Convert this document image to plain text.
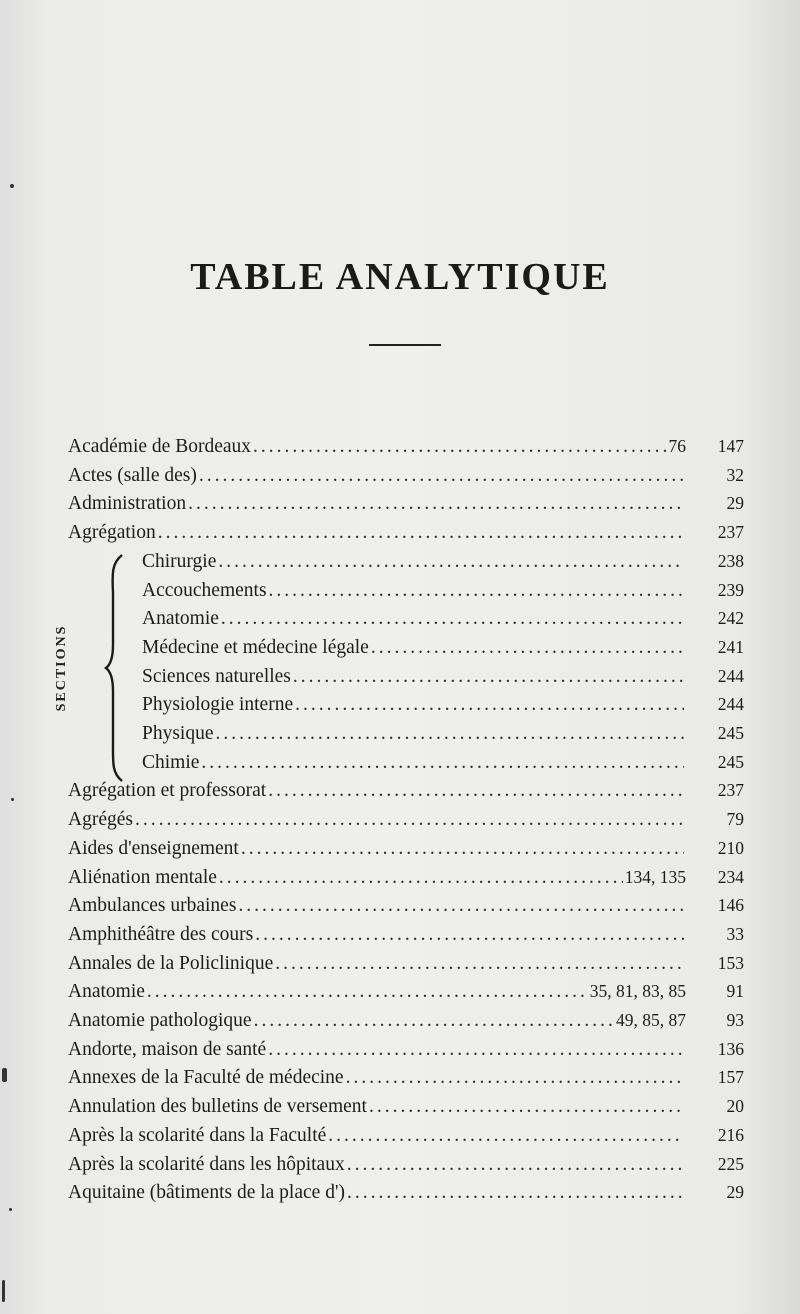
TABLE ANALYTIQUE
SECTIONS
Académie de Bordeaux .....	76	147
Actes (salle des) .....	32
Administration .....	29
Agrégation .....	237
Chirurgie .....	238
Accouchements .....	239
Anatomie .....	242
Médecine et médecine légale .....	241
Sciences naturelles .....	244
Physiologie interne .....	244
Physique .....	245
Chimie .....	245
Agrégation et professorat .....	237
Agrégés .....	79
Aides d'enseignement .....	210
Aliénation mentale .....	134, 135	234
Ambulances urbaines .....	146
Amphithéâtre des cours .....	33
Annales de la Policlinique .....	153
Anatomie .....	35, 81, 83, 85	91
Anatomie pathologique .....	49, 85, 87	93
Andorte, maison de santé .....	136
Annexes de la Faculté de médecine .....	157
Annulation des bulletins de versement .....	20
Après la scolarité dans la Faculté .....	216
Après la scolarité dans les hôpitaux .....	225
Aquitaine (bâtiments de la place d') .....	29
